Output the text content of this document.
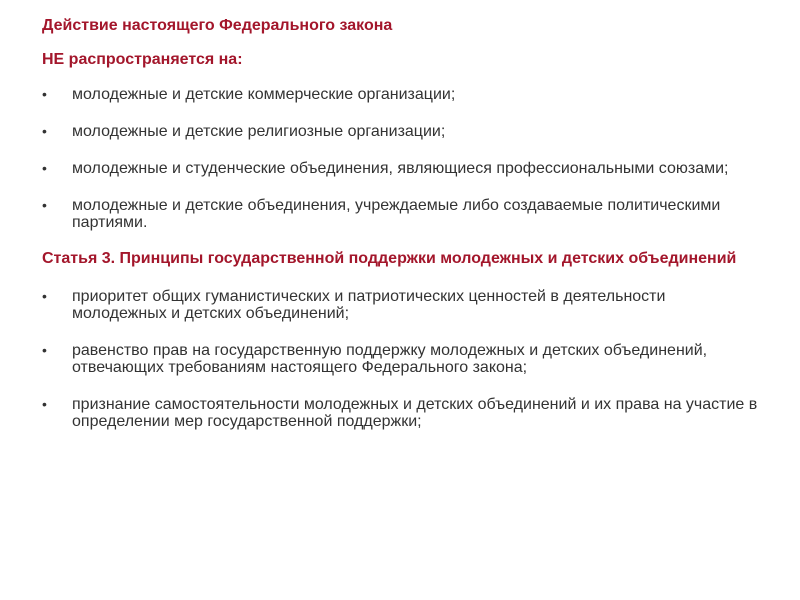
Действие настоящего Федерального закона

НЕ распространяется на:

• молодежные и детские коммерческие организации;
• молодежные и детские религиозные организации;
• молодежные и студенческие объединения, являющиеся профессиональными союзами;
• молодежные и детские объединения, учреждаемые либо создаваемые политическими партиями.

Статья 3. Принципы государственной поддержки молодежных и детских объединений

• приоритет общих гуманистических и патриотических ценностей в деятельности молодежных и детских объединений;
• равенство прав на государственную поддержку молодежных и детских объединений, отвечающих требованиям настоящего Федерального закона;
• признание самостоятельности молодежных и детских объединений и их права на участие в определении мер государственной поддержки;
